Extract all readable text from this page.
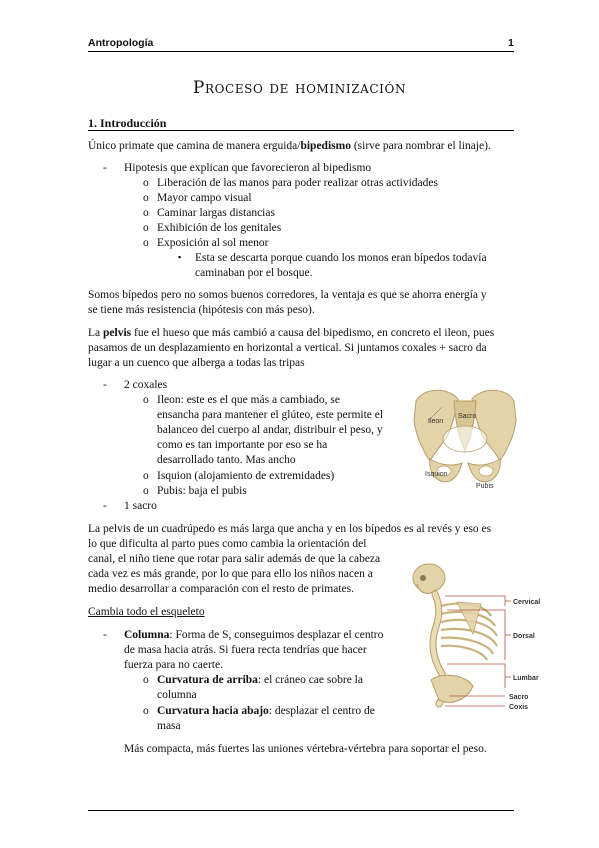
Antropología	1
Proceso de hominización
1. Introducción
Único primate que camina de manera erguida/bipedismo (sirve para nombrar el linaje).
- Hipotesis que explican que favorecieron al bipedismo
o Liberación de las manos para poder realizar otras actividades
o Mayor campo visual
o Caminar largas distancias
o Exhibición de los genitales
o Exposición al sol menor
▪ Esta se descarta porque cuando los monos eran bípedos todavía
caminaban por el bosque.
Somos bípedos pero no somos buenos corredores, la ventaja es que se ahorra energía y
se tiene más resistencia (hipótesis con más peso).
La pelvis fue el hueso que más cambió a causa del bipedismo, en concreto el ileon, pues
pasamos de un desplazamiento en horizontal a vertical. Si juntamos coxales + sacro da
lugar a un cuenco que alberga a todas las tripas
- 2 coxales
o Ileon: este es el que más a cambiado, se
ensancha para mantener el glúteo, este permite el
balanceo del cuerpo al andar, distribuir el peso, y
como es tan importante por eso se ha
desarrollado tanto. Mas ancho
o Isquion (alojamiento de extremidades)
o Pubis: baja el pubis
- 1 sacro
Ileon
Sacro
Isquion
Pubis
La pelvis de un cuadrúpedo es más larga que ancha y en los bípedos es al revés y eso es
lo que dificulta al parto pues como cambia la orientación del
canal, el niño tiene que rotar para salir además de que la cabeza
cada vez es más grande, por lo que para ello los niños nacen a
medio desarrollar a comparación con el resto de primates.
Cambia todo el esqueleto
- Columna: Forma de S, conseguimos desplazar el centro
de masa hacia atrás. Si fuera recta tendrías que hacer
fuerza para no caerte.
o Curvatura de arriba: el cráneo cae sobre la
columna
o Curvatura hacia abajo: desplazar el centro de
masa
Más compacta, más fuertes las uniones vértebra-vértebra para soportar el peso.
Cervical
Dorsal
Lumbar
Sacro
Coxis
